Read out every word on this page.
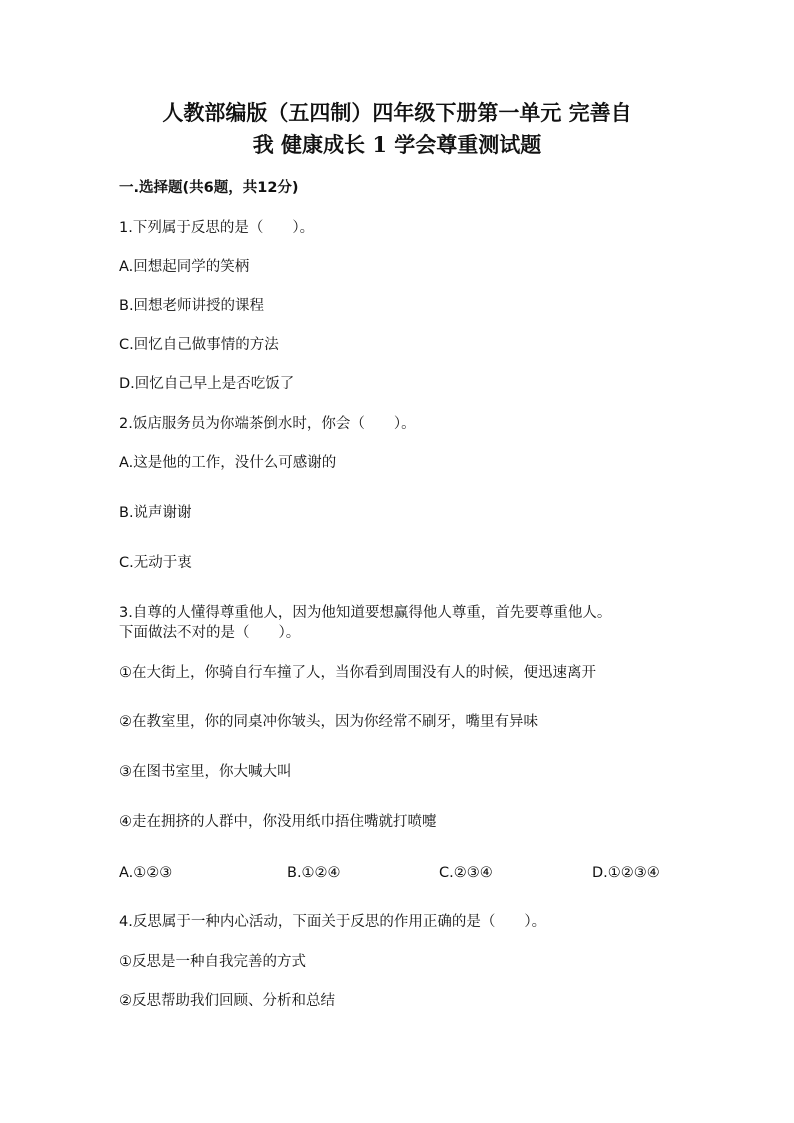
人教部编版（五四制）四年级下册第一单元 完善自
我 健康成长 1 学会尊重测试题
一.选择题(共6题，共12分)
1.下列属于反思的是（　　）。
A.回想起同学的笑柄
B.回想老师讲授的课程
C.回忆自己做事情的方法
D.回忆自己早上是否吃饭了
2.饭店服务员为你端茶倒水时，你会（　　）。
A.这是他的工作，没什么可感谢的
B.说声谢谢
C.无动于衷
3.自尊的人懂得尊重他人，因为他知道要想赢得他人尊重，首先要尊重他人。
下面做法不对的是（　　）。
①在大街上，你骑自行车撞了人，当你看到周围没有人的时候，便迅速离开
②在教室里，你的同桌冲你皱头，因为你经常不刷牙，嘴里有异味
③在图书室里，你大喊大叫
④走在拥挤的人群中，你没用纸巾捂住嘴就打喷嚏
A.①②③	B.①②④	C.②③④	D.①②③④
4.反思属于一种内心活动，下面关于反思的作用正确的是（　　）。
①反思是一种自我完善的方式
②反思帮助我们回顾、分析和总结
